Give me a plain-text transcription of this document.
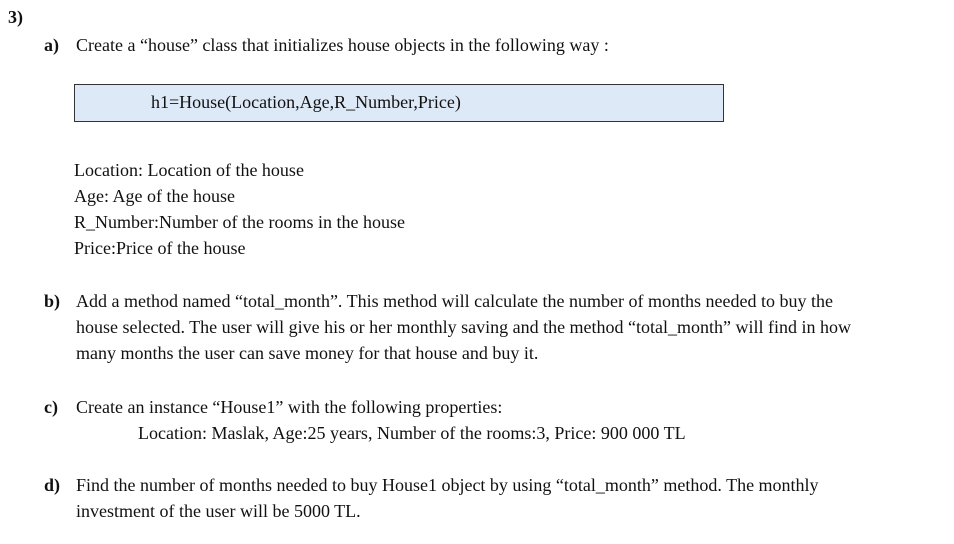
3)
a) Create a “house” class that initializes house objects in the following way :
h1=House(Location,Age,R_Number,Price)
Location: Location of the house
Age: Age of the house
R_Number:Number of the rooms in the house
Price:Price of the house
b) Add a method named “total_month”. This method will calculate the number of months needed to buy the
house selected. The user will give his or her monthly saving and the method “total_month” will find in how
many months the user can save money for that house and buy it.
c) Create an instance “House1” with the following properties:
Location: Maslak, Age:25 years, Number of the rooms:3, Price: 900 000 TL
d) Find the number of months needed to buy House1 object by using “total_month” method. The monthly
investment of the user will be 5000 TL.
